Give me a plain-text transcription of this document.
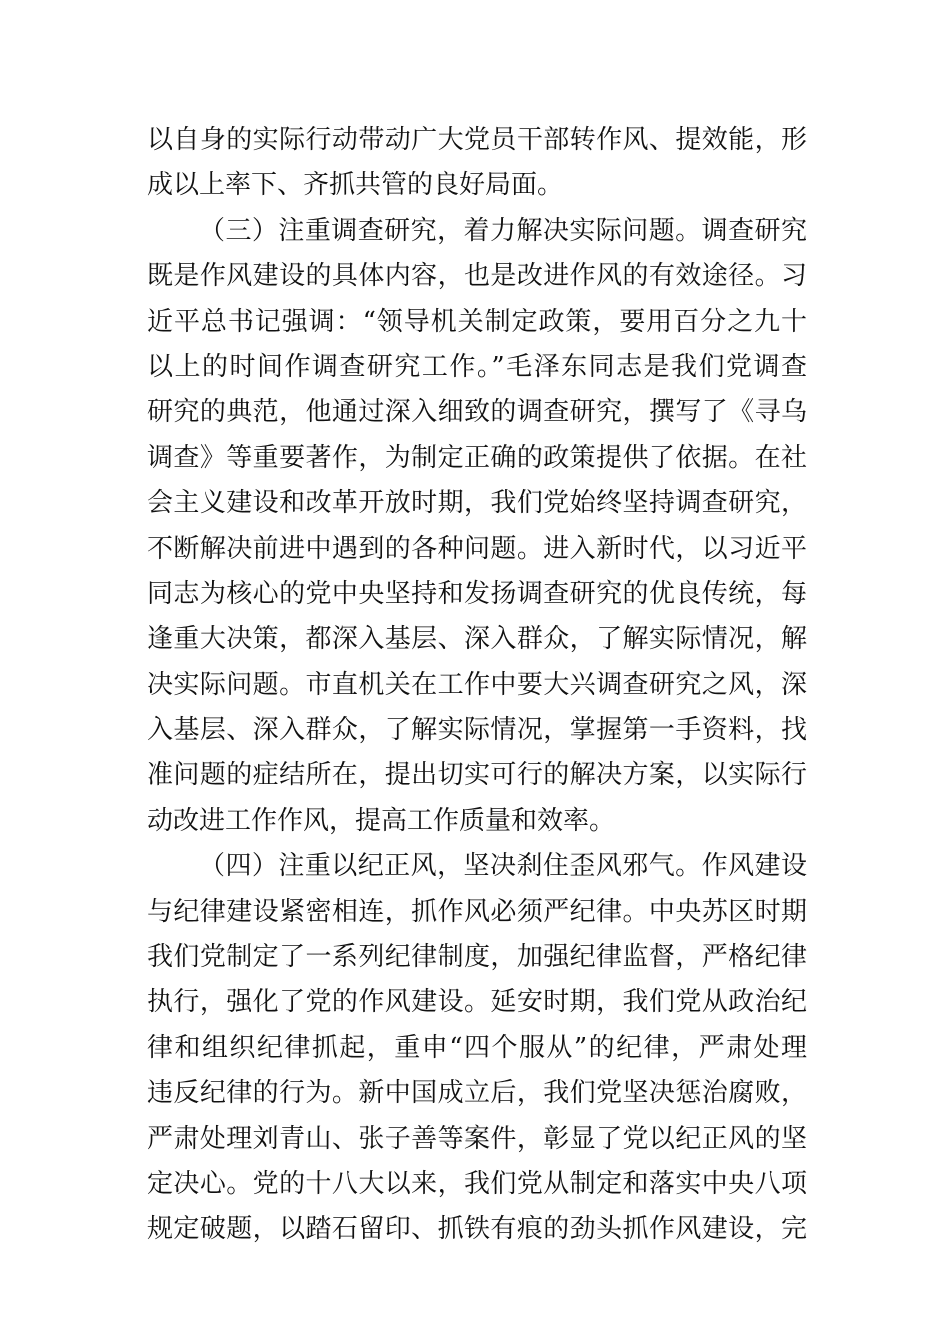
以自身的实际行动带动广大党员干部转作风、提效能，形
成以上率下、齐抓共管的良好局面。
（三）注重调查研究，着力解决实际问题。调查研究
既是作风建设的具体内容，也是改进作风的有效途径。习
近平总书记强调：“领导机关制定政策，要用百分之九十
以上的时间作调查研究工作。”毛泽东同志是我们党调查
研究的典范，他通过深入细致的调查研究，撰写了《寻乌
调查》等重要著作，为制定正确的政策提供了依据。在社
会主义建设和改革开放时期，我们党始终坚持调查研究，
不断解决前进中遇到的各种问题。进入新时代，以习近平
同志为核心的党中央坚持和发扬调查研究的优良传统，每
逢重大决策，都深入基层、深入群众，了解实际情况，解
决实际问题。市直机关在工作中要大兴调查研究之风，深
入基层、深入群众，了解实际情况，掌握第一手资料，找
准问题的症结所在，提出切实可行的解决方案，以实际行
动改进工作作风，提高工作质量和效率。
（四）注重以纪正风，坚决刹住歪风邪气。作风建设
与纪律建设紧密相连，抓作风必须严纪律。中央苏区时期
我们党制定了一系列纪律制度，加强纪律监督，严格纪律
执行，强化了党的作风建设。延安时期，我们党从政治纪
律和组织纪律抓起，重申“四个服从”的纪律，严肃处理
违反纪律的行为。新中国成立后，我们党坚决惩治腐败，
严肃处理刘青山、张子善等案件，彰显了党以纪正风的坚
定决心。党的十八大以来，我们党从制定和落实中央八项
规定破题，以踏石留印、抓铁有痕的劲头抓作风建设，完
